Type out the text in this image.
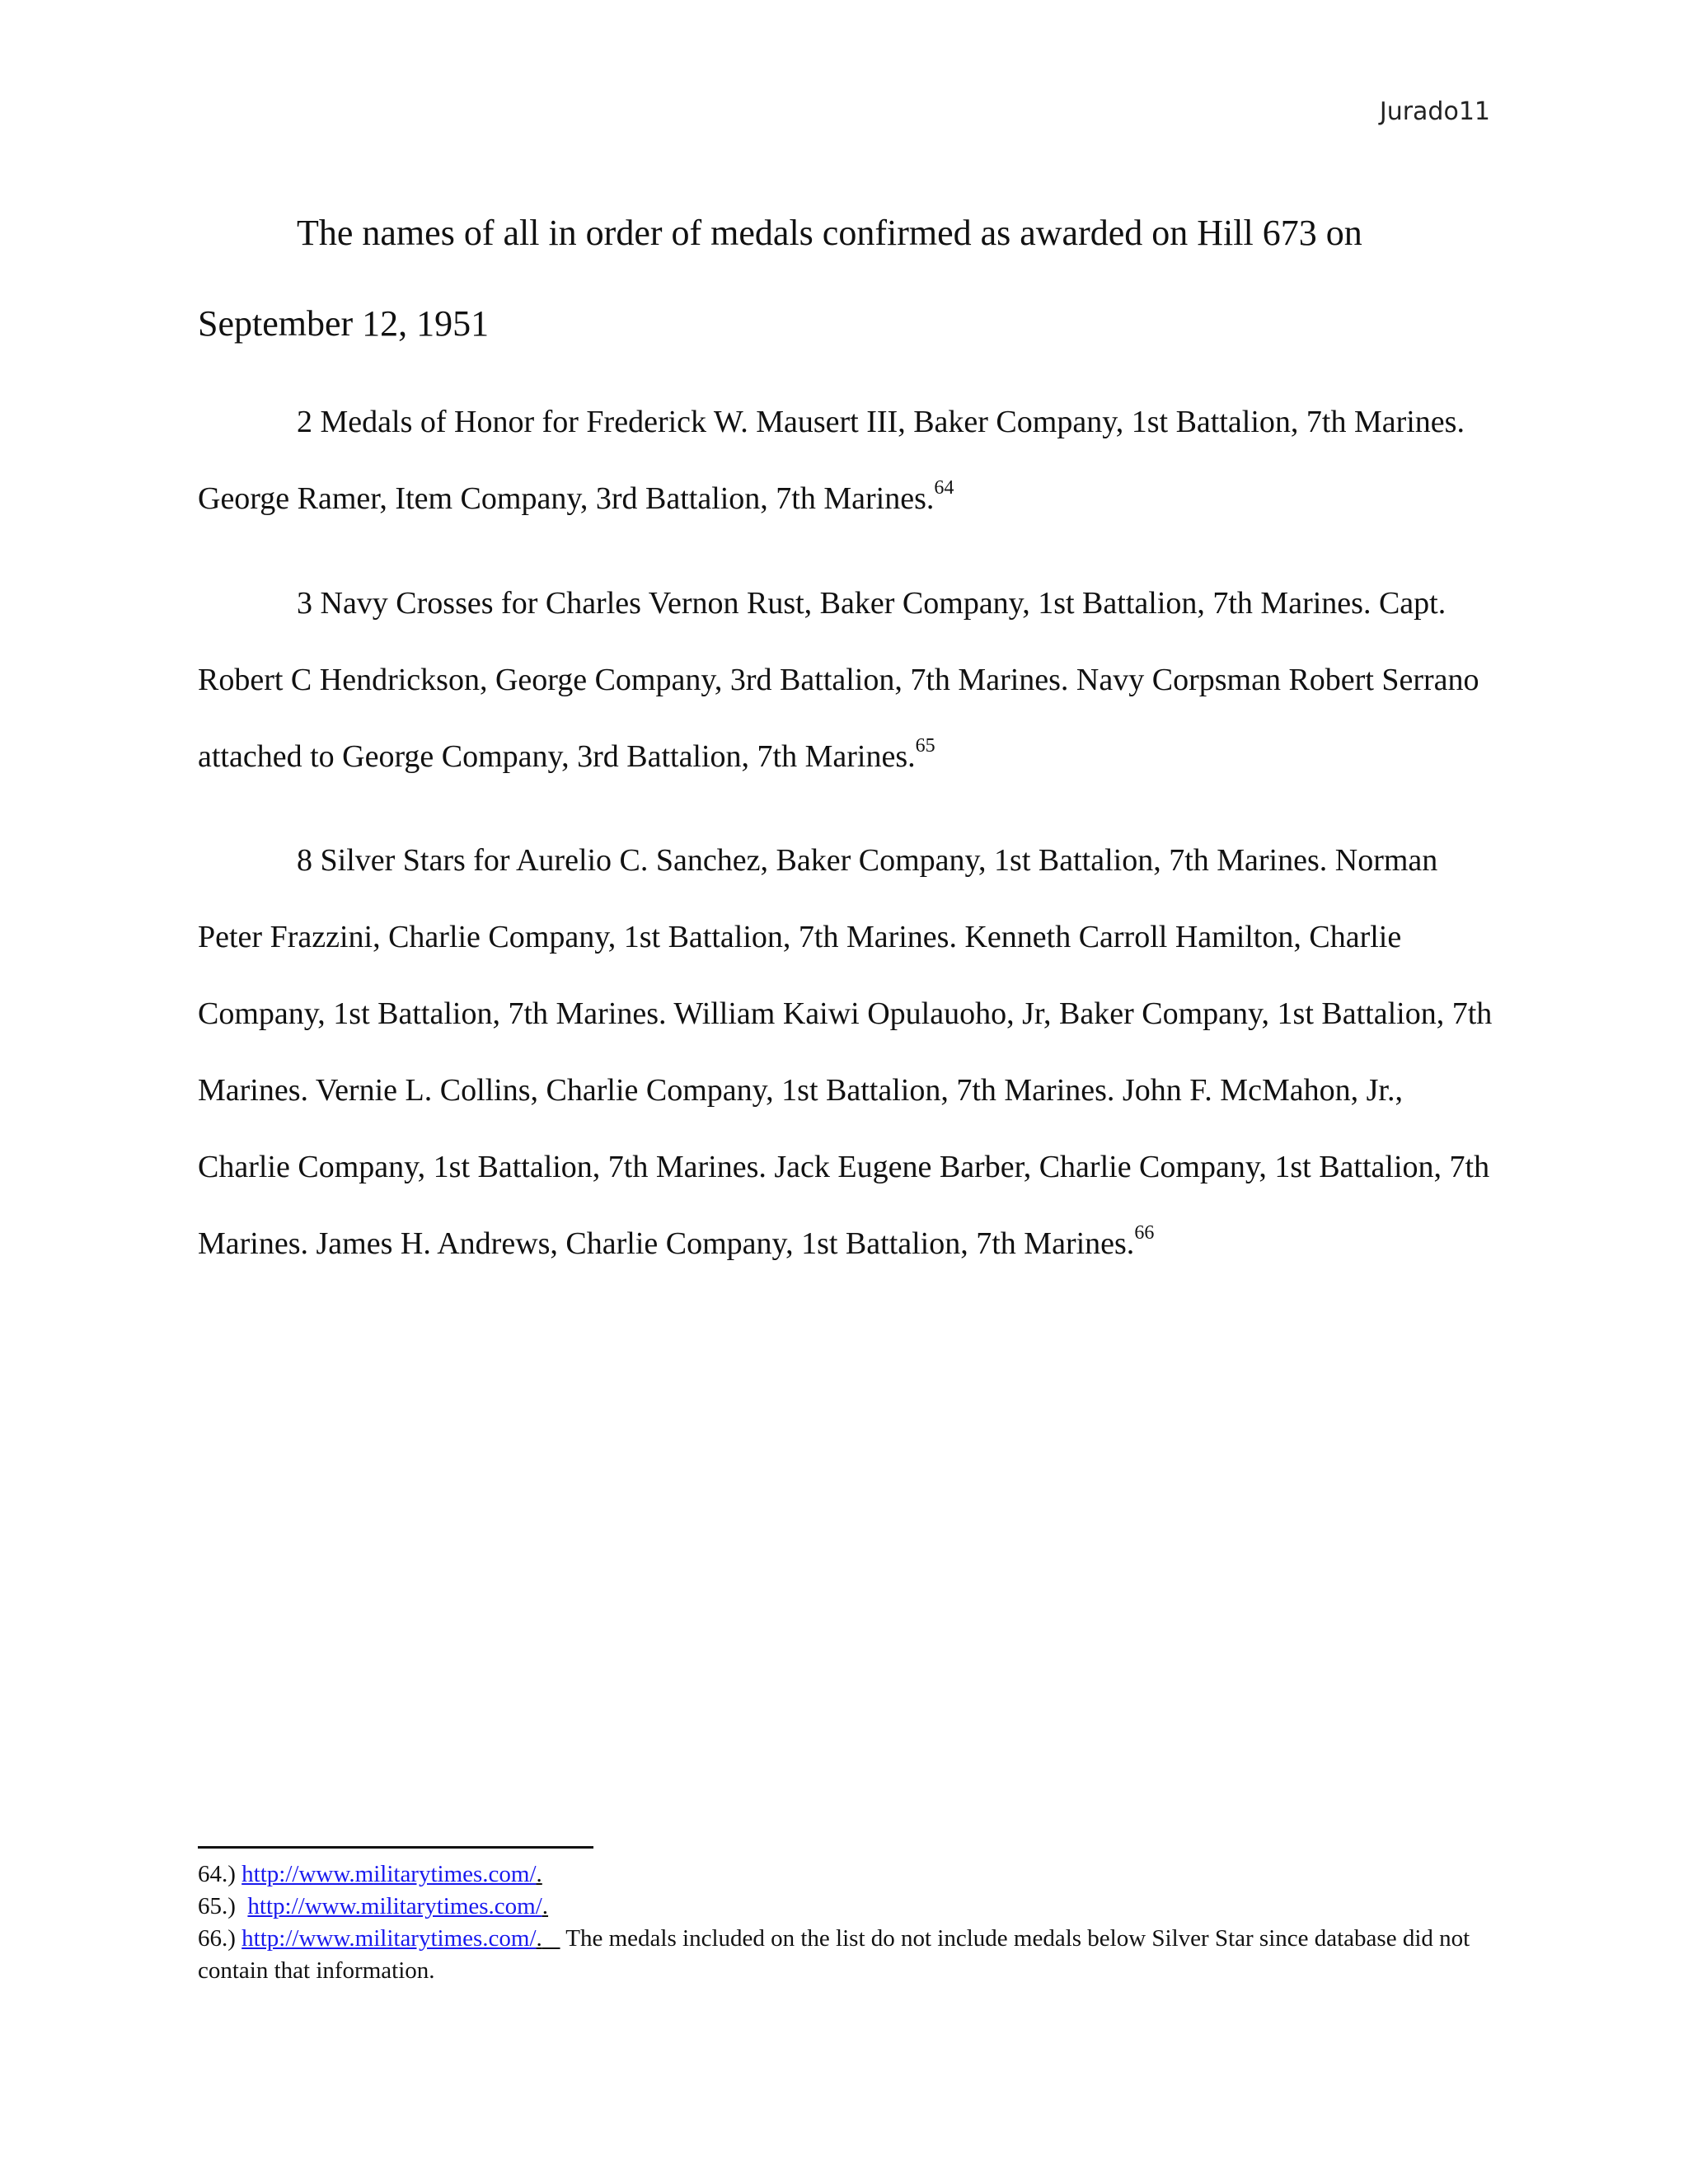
Jurado11
The names of all in order of medals confirmed as awarded on Hill 673 on
September 12, 1951
2 Medals of Honor for Frederick W. Mausert III, Baker Company, 1st Battalion, 7th Marines. George Ramer, Item Company, 3rd Battalion, 7th Marines.$^{64}$
3 Navy Crosses for Charles Vernon Rust, Baker Company, 1st Battalion, 7th Marines. Capt. Robert C Hendrickson, George Company, 3rd Battalion, 7th Marines. Navy Corpsman Robert Serrano attached to George Company, 3rd Battalion, 7th Marines.$^{65}$
8 Silver Stars for Aurelio C. Sanchez, Baker Company, 1st Battalion, 7th Marines. Norman Peter Frazzini, Charlie Company, 1st Battalion, 7th Marines. Kenneth Carroll Hamilton, Charlie Company, 1st Battalion, 7th Marines. William Kaiwi Opulauoho, Jr, Baker Company, 1st Battalion, 7th Marines. Vernie L. Collins, Charlie Company, 1st Battalion, 7th Marines. John F. McMahon, Jr., Charlie Company, 1st Battalion, 7th Marines. Jack Eugene Barber, Charlie Company, 1st Battalion, 7th Marines. James H. Andrews, Charlie Company, 1st Battalion, 7th Marines.$^{66}$
64.) http://www.militarytimes.com/.
65.) http://www.militarytimes.com/.
66.) http://www.militarytimes.com/. The medals included on the list do not include medals below Silver Star since database did not contain that information.
